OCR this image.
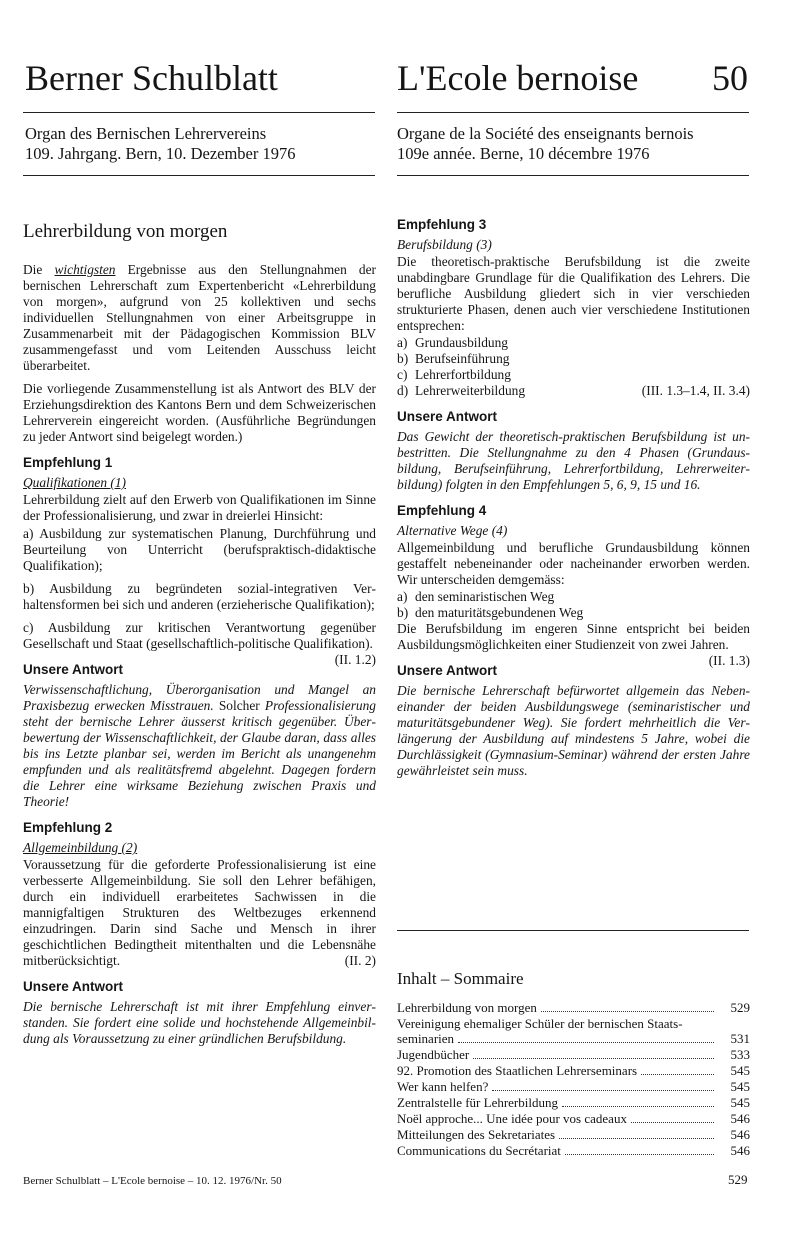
Berner Schulblatt	L'Ecole bernoise 50
Organ des Bernischen Lehrervereins
109. Jahrgang. Bern, 10. Dezember 1976
Organe de la Société des enseignants bernois
109e année. Berne, 10 décembre 1976
Lehrerbildung von morgen

Die wichtigsten Ergebnisse aus den Stellungnahmen der bernischen Lehrerschaft zum Expertenbericht «Lehrerbildung von morgen», aufgrund von 25 kollektiven und sechs individuellen Stellungnahmen von einer Arbeitsgruppe in Zusammenarbeit mit der Pädagogischen Kommission BLV zusammengefasst und vom Leitenden Ausschuss leicht überarbeitet.

Die vorliegende Zusammenstellung ist als Antwort des BLV der Erziehungsdirektion des Kantons Bern und dem Schweizerischen Lehrerverein eingereicht worden. (Ausführliche Begründungen zu jeder Antwort sind beigelegt worden.)

Empfehlung 1
Qualifikationen (1)

Lehrerbildung zielt auf den Erwerb von Qualifikationen im Sinne der Professionalisierung, und zwar in dreierlei Hinsicht:

a) Ausbildung zur systematischen Planung, Durchführung und Beurteilung von Unterricht (berufspraktisch-didaktische Qualifikation);

b) Ausbildung zu begründeten sozial-integrativen Verhaltensformen bei sich und anderen (erzieherische Qualifikation);

c) Ausbildung zur kritischen Verantwortung gegenüber Gesellschaft und Staat (gesellschaftlich-politische Qualifikation).
(II. 1.2)

Unsere Antwort

Verwissenschaftlichung, Überorganisation und Mangel an Praxisbezug erwecken Misstrauen. Solcher Professionalisierung steht der bernische Lehrer äusserst kritisch gegenüber. Überbewertung der Wissenschaftlichkeit, der Glaube daran, dass alles bis ins Letzte planbar sei, werden im Bericht als unangenehm empfunden und als realitätsfremd abgelehnt. Dagegen fordern die Lehrer eine wirksame Beziehung zwischen Praxis und Theorie!

Empfehlung 2
Allgemeinbildung (2)

Voraussetzung für die geforderte Professionalisierung ist eine verbesserte Allgemeinbildung. Sie soll den Lehrer befähigen, durch ein individuell erarbeitetes Sachwissen in die mannigfaltigen Strukturen des Weltbezuges erkennend einzudringen. Darin sind Sache und Mensch in ihrer geschichtlichen Bedingtheit mitenthalten und die Lebensnähe mitberücksichtigt.	(II. 2)

Unsere Antwort

Die bernische Lehrerschaft ist mit ihrer Empfehlung einverstanden. Sie fordert eine solide und hochstehende Allgemeinbildung als Voraussetzung zu einer gründlichen Berufsbildung.

Empfehlung 3
Berufsbildung (3)

Die theoretisch-praktische Berufsbildung ist die zweite unabdingbare Grundlage für die Qualifikation des Lehrers. Die berufliche Ausbildung gliedert sich in vier verschieden strukturierte Phasen, denen auch vier verschiedene Institutionen entsprechen:

a) Grundausbildung
b) Berufseinführung
c) Lehrerfortbildung
d) Lehrerweiterbildung	(III. 1.3–1.4, II. 3.4)
Unsere Antwort

Das Gewicht der theoretisch-praktischen Berufsbildung ist unbestritten. Die Stellungnahme zu den 4 Phasen (Grundausbildung, Berufseinführung, Lehrerfortbildung, Lehrerweiterbildung) folgten in den Empfehlungen 5, 6, 9, 15 und 16.

Empfehlung 4
Alternative Wege (4)

Allgemeinbildung und berufliche Grundausbildung können gestaffelt nebeneinander oder nacheinander erworben werden. Wir unterscheiden demgemäss:

a) den seminaristischen Weg
b) den maturitätsgebundenen Weg

Die Berufsbildung im engeren Sinne entspricht bei beiden Ausbildungsmöglichkeiten einer Studienzeit von zwei Jahren.
(II. 1.3)

Unsere Antwort

Die bernische Lehrerschaft befürwortet allgemein das Nebeneinander der beiden Ausbildungswege (seminaristischer und maturitätsgebundener Weg). Sie fordert mehrheitlich die Verlängerung der Ausbildung auf mindestens 5 Jahre, wobei die Durchlässigkeit (Gymnasium-Seminar) während der ersten Jahre gewährleistet sein muss.

Inhalt – Sommaire
Lehrerbildung von morgen	529
Vereinigung ehemaliger Schüler der bernischen Staats-
seminarien	531
Jugendbücher	533
92. Promotion des Staatlichen Lehrerseminars	545
Wer kann helfen?	545
Zentralstelle für Lehrerbildung	545
Noël approche... Une idée pour vos cadeaux	546
Mitteilungen des Sekretariates	546
Communications du Secrétariat	546
Berner Schulblatt – L'Ecole bernoise – 10. 12. 1976/Nr. 50	529
